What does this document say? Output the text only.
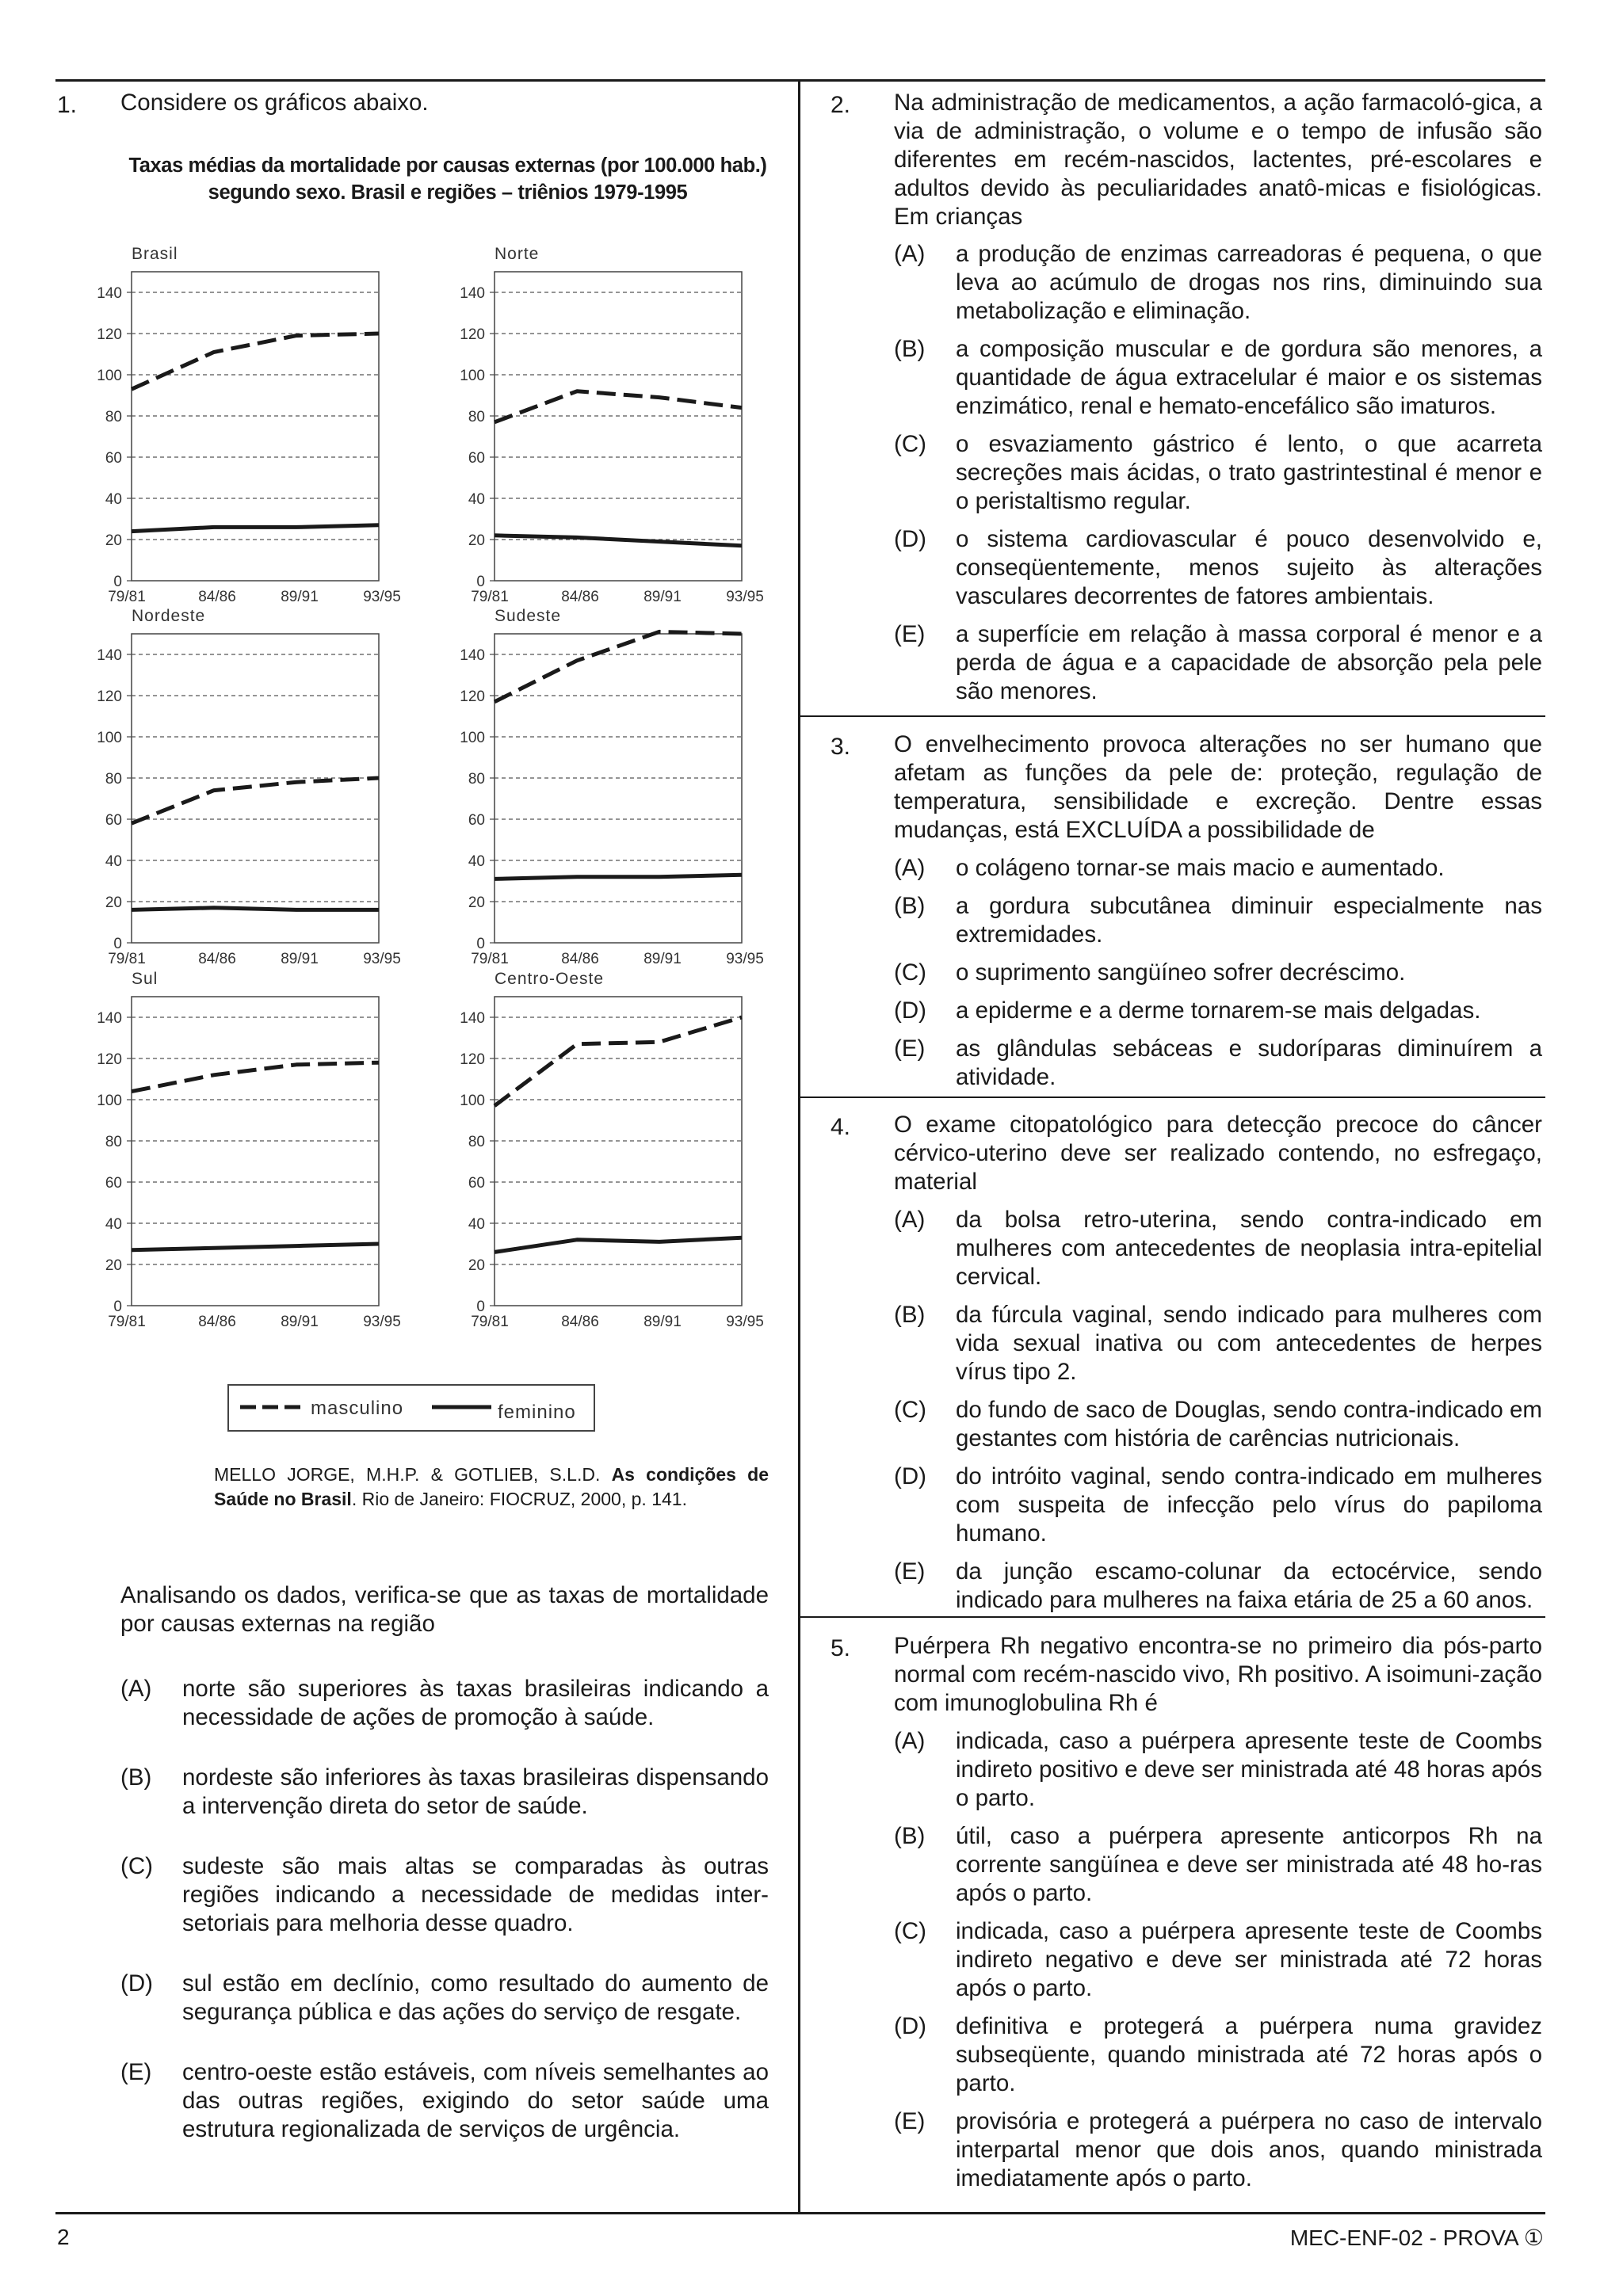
1. Considere os gráficos abaixo.
Taxas médias da mortalidade por causas externas (por 100.000 hab.) segundo sexo. Brasil e regiões – triênios 1979-1995
Brasil
0
20
40
60
80
100
120
140
79/81	84/86	89/91	93/95
Norte
0
20
40
60
80
100
120
140
79/81	84/86	89/91	93/95
Nordeste
0
20
40
60
80
100
120
140
79/81	84/86	89/91	93/95
Sudeste
0
20
40
60
80
100
120
140
79/81	84/86	89/91	93/95
Sul
0
20
40
60
80
100
120
140
79/81	84/86	89/91	93/95
Centro-Oeste
0
20
40
60
80
100
120
140
79/81	84/86	89/91	93/95
masculino	feminino
MELLO JORGE, M.H.P. & GOTLIEB, S.L.D. As condições de Saúde no Brasil. Rio de Janeiro: FIOCRUZ, 2000, p. 141.
Analisando os dados, verifica-se que as taxas de mortalidade por causas externas na região
(A) norte são superiores às taxas brasileiras indicando a necessidade de ações de promoção à saúde.
(B) nordeste são inferiores às taxas brasileiras dispensando a intervenção direta do setor de saúde.
(C) sudeste são mais altas se comparadas às outras regiões indicando a necessidade de medidas inter-setoriais para melhoria desse quadro.
(D) sul estão em declínio, como resultado do aumento de segurança pública e das ações do serviço de resgate.
(E) centro-oeste estão estáveis, com níveis semelhantes ao das outras regiões, exigindo do setor saúde uma estrutura regionalizada de serviços de urgência.
2. Na administração de medicamentos, a ação farmacoló-gica, a via de administração, o volume e o tempo de infusão são diferentes em recém-nascidos, lactentes, pré-escolares e adultos devido às peculiaridades anatô-micas e fisiológicas. Em crianças
(A) a produção de enzimas carreadoras é pequena, o que leva ao acúmulo de drogas nos rins, diminuindo sua metabolização e eliminação.
(B) a composição muscular e de gordura são menores, a quantidade de água extracelular é maior e os sistemas enzimático, renal e hemato-encefálico são imaturos.
(C) o esvaziamento gástrico é lento, o que acarreta secreções mais ácidas, o trato gastrintestinal é menor e o peristaltismo regular.
(D) o sistema cardiovascular é pouco desenvolvido e, conseqüentemente, menos sujeito às alterações vasculares decorrentes de fatores ambientais.
(E) a superfície em relação à massa corporal é menor e a perda de água e a capacidade de absorção pela pele são menores.
3. O envelhecimento provoca alterações no ser humano que afetam as funções da pele de: proteção, regulação de temperatura, sensibilidade e excreção. Dentre essas mudanças, está EXCLUÍDA a possibilidade de
(A) o colágeno tornar-se mais macio e aumentado.
(B) a gordura subcutânea diminuir especialmente nas extremidades.
(C) o suprimento sangüíneo sofrer decréscimo.
(D) a epiderme e a derme tornarem-se mais delgadas.
(E) as glândulas sebáceas e sudoríparas diminuírem a atividade.
4. O exame citopatológico para detecção precoce do câncer cérvico-uterino deve ser realizado contendo, no esfregaço, material
(A) da bolsa retro-uterina, sendo contra-indicado em mulheres com antecedentes de neoplasia intra-epitelial cervical.
(B) da fúrcula vaginal, sendo indicado para mulheres com vida sexual inativa ou com antecedentes de herpes vírus tipo 2.
(C) do fundo de saco de Douglas, sendo contra-indicado em gestantes com história de carências nutricionais.
(D) do intróito vaginal, sendo contra-indicado em mulheres com suspeita de infecção pelo vírus do papiloma humano.
(E) da junção escamo-colunar da ectocérvice, sendo indicado para mulheres na faixa etária de 25 a 60 anos.
5. Puérpera Rh negativo encontra-se no primeiro dia pós-parto normal com recém-nascido vivo, Rh positivo. A isoimuni-zação com imunoglobulina Rh é
(A) indicada, caso a puérpera apresente teste de Coombs indireto positivo e deve ser ministrada até 48 horas após o parto.
(B) útil, caso a puérpera apresente anticorpos Rh na corrente sangüínea e deve ser ministrada até 48 ho-ras após o parto.
(C) indicada, caso a puérpera apresente teste de Coombs indireto negativo e deve ser ministrada até 72 horas após o parto.
(D) definitiva e protegerá a puérpera numa gravidez subseqüente, quando ministrada até 72 horas após o parto.
(E) provisória e protegerá a puérpera no caso de intervalo interpartal menor que dois anos, quando ministrada imediatamente após o parto.
2	MEC-ENF-02 - PROVA ①
